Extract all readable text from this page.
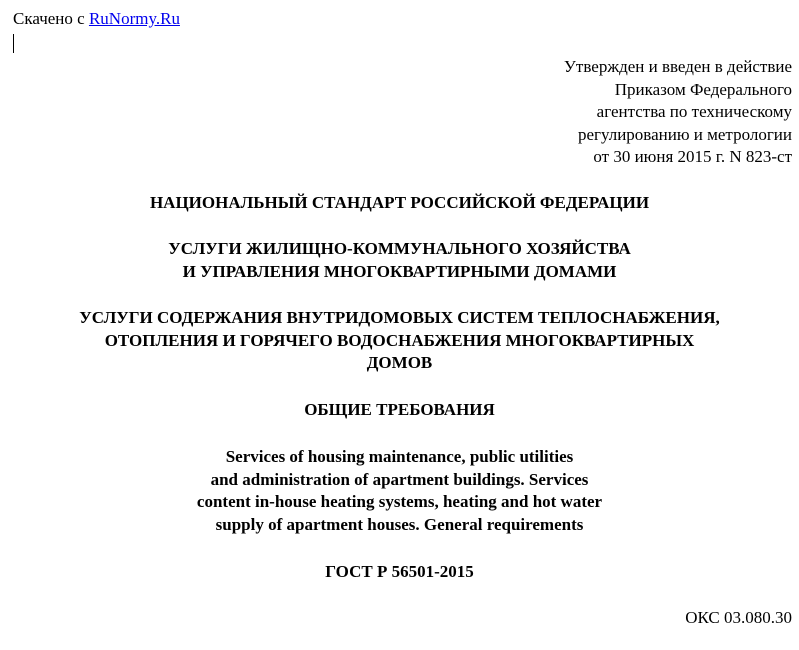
Скачено с RuNormy.Ru
Утвержден и введен в действие
Приказом Федерального
агентства по техническому
регулированию и метрологии
от 30 июня 2015 г. N 823-ст
НАЦИОНАЛЬНЫЙ СТАНДАРТ РОССИЙСКОЙ ФЕДЕРАЦИИ
УСЛУГИ ЖИЛИЩНО-КОММУНАЛЬНОГО ХОЗЯЙСТВА
И УПРАВЛЕНИЯ МНОГОКВАРТИРНЫМИ ДОМАМИ
УСЛУГИ СОДЕРЖАНИЯ ВНУТРИДОМОВЫХ СИСТЕМ ТЕПЛОСНАБЖЕНИЯ,
ОТОПЛЕНИЯ И ГОРЯЧЕГО ВОДОСНАБЖЕНИЯ МНОГОКВАРТИРНЫХ
ДОМОВ
ОБЩИЕ ТРЕБОВАНИЯ
Services of housing maintenance, public utilities
and administration of apartment buildings. Services
content in-house heating systems, heating and hot water
supply of apartment houses. General requirements
ГОСТ Р 56501-2015
ОКС 03.080.30
